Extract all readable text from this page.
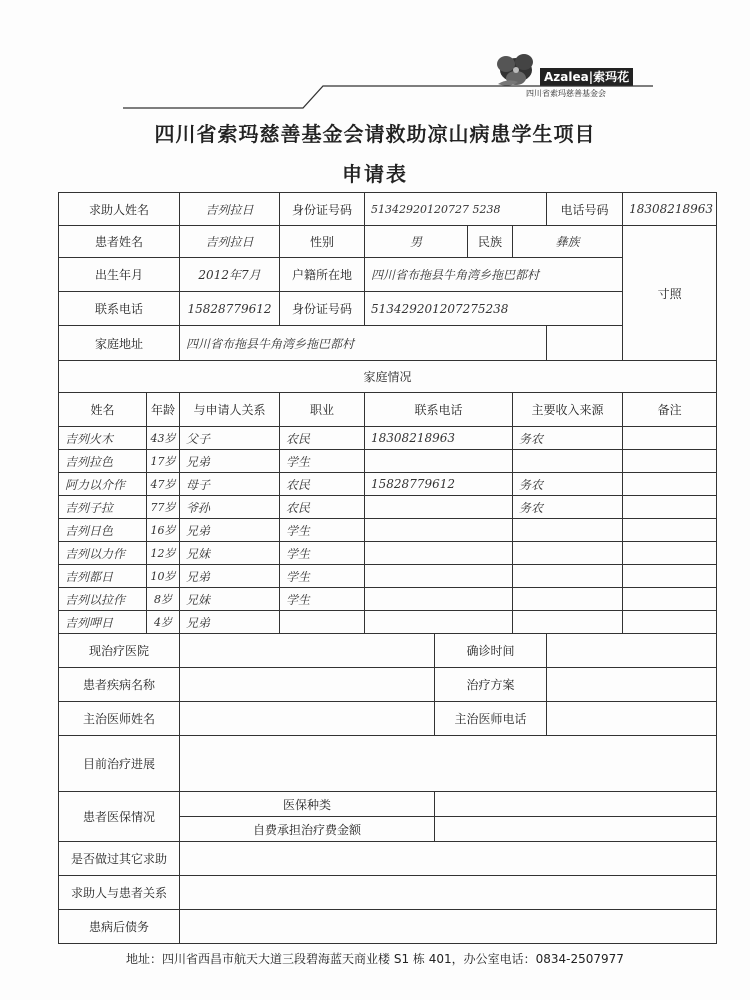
Azalea|索玛花
四川省索玛慈善基金会
四川省索玛慈善基金会请救助凉山病患学生项目
申请表
求助人姓名		吉列拉日	身份证号码	51342920120727 5238				电话号码	18308218963
患者姓名		吉列拉日	性别	男		民族	彝族		寸照
出生年月		2012年7月	户籍所在地	四川省布拖县牛角湾乡拖巴都村					
联系电话		15828779612	身份证号码	513429201207275238					
家庭地址		四川省布拖县牛角湾乡拖巴都村							
家庭情况									
姓名	年龄	与申请人关系	职业	联系电话			主要收入来源		备注
吉列火木	43岁	父子	农民	18308218963			务农		
吉列拉色	17岁	兄弟	学生						
阿力以介作	47岁	母子	农民	15828779612			务农		
吉列子拉	77岁	爷孙	农民				务农		
吉列日色	16岁	兄弟	学生						
吉列以力作	12岁	兄妹	学生						
吉列都日	10岁	兄弟	学生						
吉列以拉作	8岁	兄妹	学生						
吉列呷日	4岁	兄弟							
现治疗医院					确诊时间				
患者疾病名称					治疗方案				
主治医师姓名					主治医师电话				
目前治疗进展									
患者医保情况		医保种类							
		自费承担治疗费金额							
是否做过其它求助									
求助人与患者关系									
患病后债务									
地址：四川省西昌市航天大道三段碧海蓝天商业楼 S1 栋 401，办公室电话：0834-2507977
